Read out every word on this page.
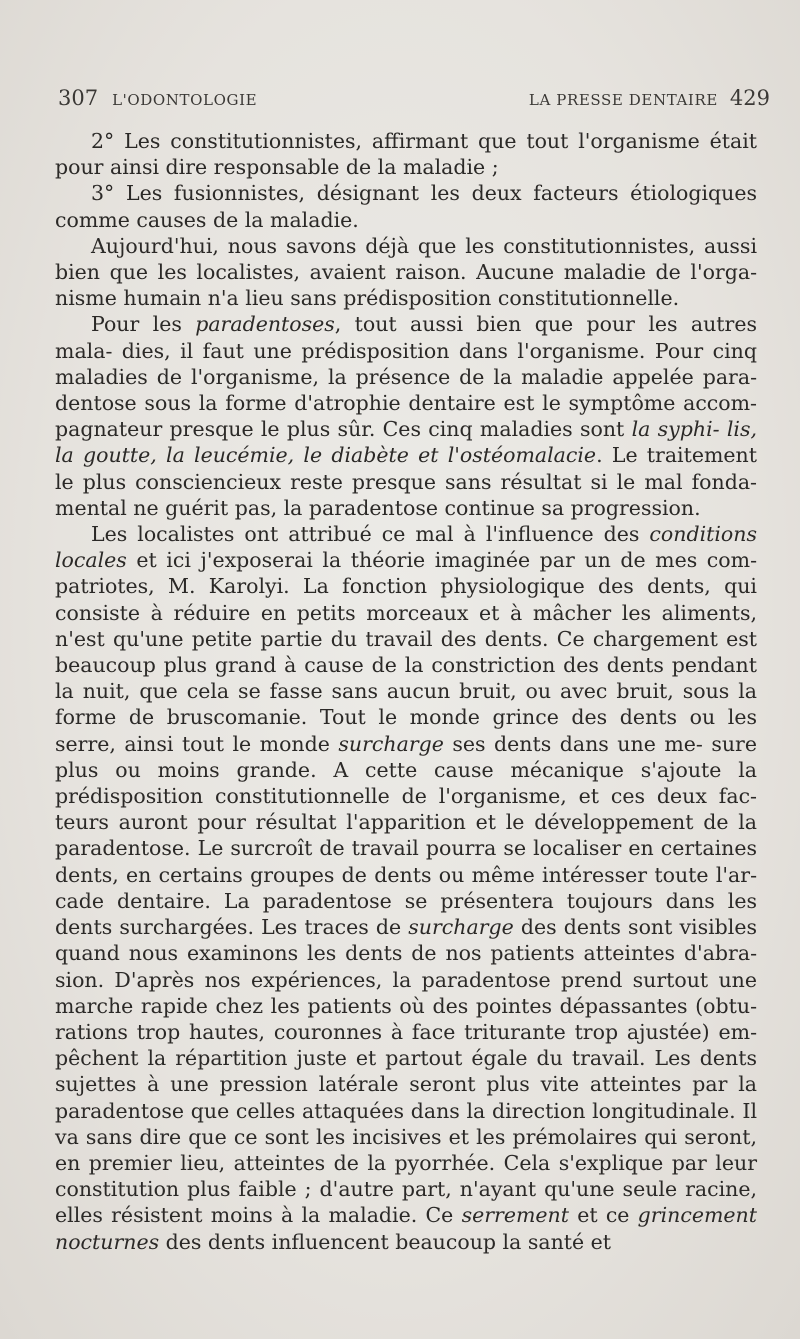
307 L'ODONTOLOGIE	LA PRESSE DENTAIRE 429

2° Les constitutionnistes, affirmant que tout l'organisme était pour ainsi dire responsable de la maladie ;

3° Les fusionnistes, désignant les deux facteurs étiologiques comme causes de la maladie.

Aujourd'hui, nous savons déjà que les constitutionnistes, aussi bien que les localistes, avaient raison. Aucune maladie de l'orga- nisme humain n'a lieu sans prédisposition constitutionnelle.

Pour les paradentoses, tout aussi bien que pour les autres mala- dies, il faut une prédisposition dans l'organisme. Pour cinq maladies de l'organisme, la présence de la maladie appelée para- dentose sous la forme d'atrophie dentaire est le symptôme accom- pagnateur presque le plus sûr. Ces cinq maladies sont la syphi- lis, la goutte, la leucémie, le diabète et l'ostéomalacie. Le traitement le plus consciencieux reste presque sans résultat si le mal fonda- mental ne guérit pas, la paradentose continue sa progression.

Les localistes ont attribué ce mal à l'influence des conditions locales et ici j'exposerai la théorie imaginée par un de mes com- patriotes, M. Karolyi. La fonction physiologique des dents, qui consiste à réduire en petits morceaux et à mâcher les aliments, n'est qu'une petite partie du travail des dents. Ce chargement est beaucoup plus grand à cause de la constriction des dents pendant la nuit, que cela se fasse sans aucun bruit, ou avec bruit, sous la forme de bruscomanie. Tout le monde grince des dents ou les serre, ainsi tout le monde surcharge ses dents dans une me- sure plus ou moins grande. A cette cause mécanique s'ajoute la prédisposition constitutionnelle de l'organisme, et ces deux fac- teurs auront pour résultat l'apparition et le développement de la paradentose. Le surcroît de travail pourra se localiser en certaines dents, en certains groupes de dents ou même intéresser toute l'ar- cade dentaire. La paradentose se présentera toujours dans les dents surchargées. Les traces de surcharge des dents sont visibles quand nous examinons les dents de nos patients atteintes d'abra- sion. D'après nos expériences, la paradentose prend surtout une marche rapide chez les patients où des pointes dépassantes (obtu- rations trop hautes, couronnes à face triturante trop ajustée) em- pêchent la répartition juste et partout égale du travail. Les dents sujettes à une pression latérale seront plus vite atteintes par la paradentose que celles attaquées dans la direction longitudinale. Il va sans dire que ce sont les incisives et les prémolaires qui seront, en premier lieu, atteintes de la pyorrhée. Cela s'explique par leur constitution plus faible ; d'autre part, n'ayant qu'une seule racine, elles résistent moins à la maladie. Ce serrement et ce grincement nocturnes des dents influencent beaucoup la santé et
